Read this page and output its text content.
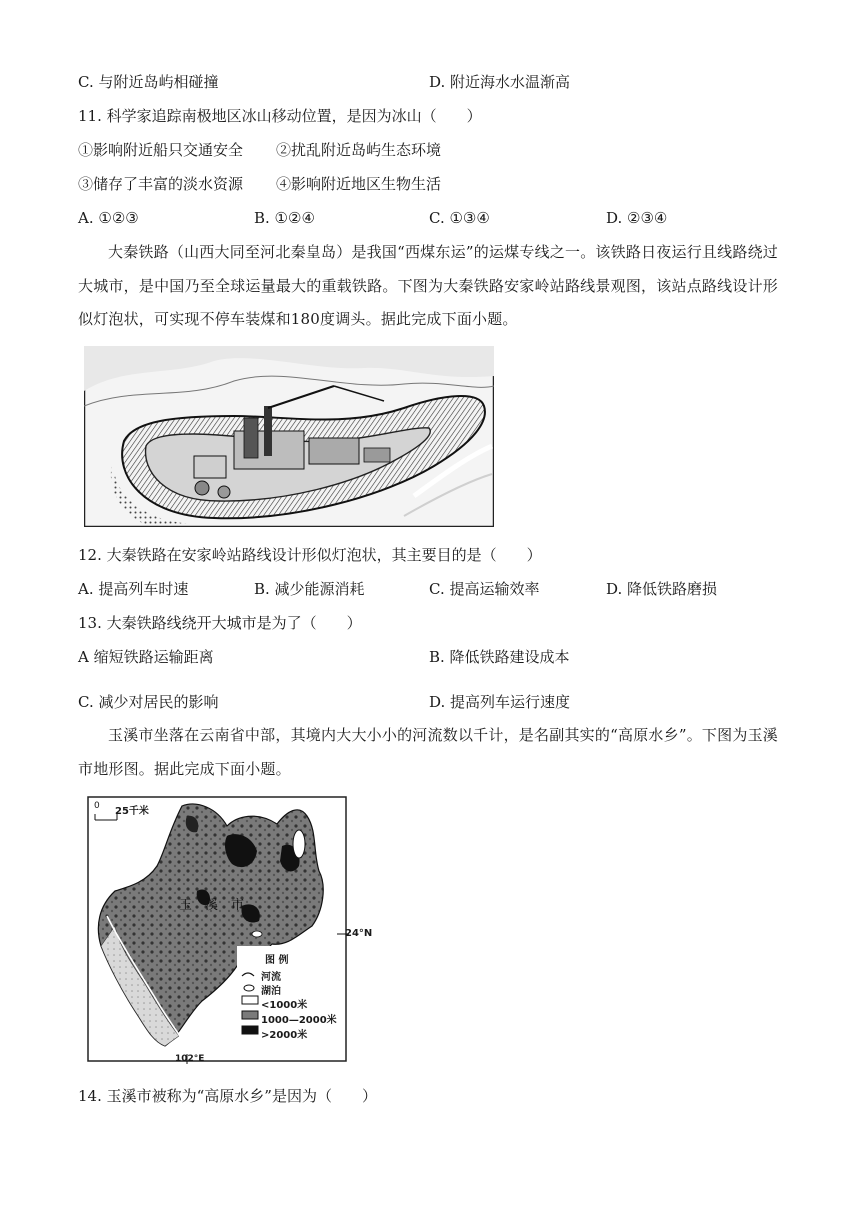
C. 与附近岛屿相碰撞	D. 附近海水水温渐高
11. 科学家追踪南极地区冰山移动位置，是因为冰山（　　）
①影响附近船只交通安全 ②扰乱附近岛屿生态环境
③储存了丰富的淡水资源 ④影响附近地区生物生活
A. ①②③	B. ①②④	C. ①③④	D. ②③④
大秦铁路（山西大同至河北秦皇岛）是我国“西煤东运”的运煤专线之一。该铁路日夜运行且线路绕过大城市，是中国乃至全球运量最大的重载铁路。下图为大秦铁路安家岭站路线景观图，该站点路线设计形似灯泡状，可实现不停车装煤和180度调头。据此完成下面小题。
12. 大秦铁路在安家岭站路线设计形似灯泡状，其主要目的是（　　）
A. 提高列车时速	B. 减少能源消耗	C. 提高运输效率	D. 降低铁路磨损
13. 大秦铁路线绕开大城市是为了（　　）
A 缩短铁路运输距离	B. 降低铁路建设成本
C. 减少对居民的影响	D. 提高列车运行速度
玉溪市坐落在云南省中部，其境内大大小小的河流数以千计，是名副其实的“高原水乡”。下图为玉溪市地形图。据此完成下面小题。
0 25千米
玉　溪　市
24°N
102°E
图 例
河流
湖泊
<1000米
1000—2000米
>2000米
14. 玉溪市被称为“高原水乡”是因为（　　）
